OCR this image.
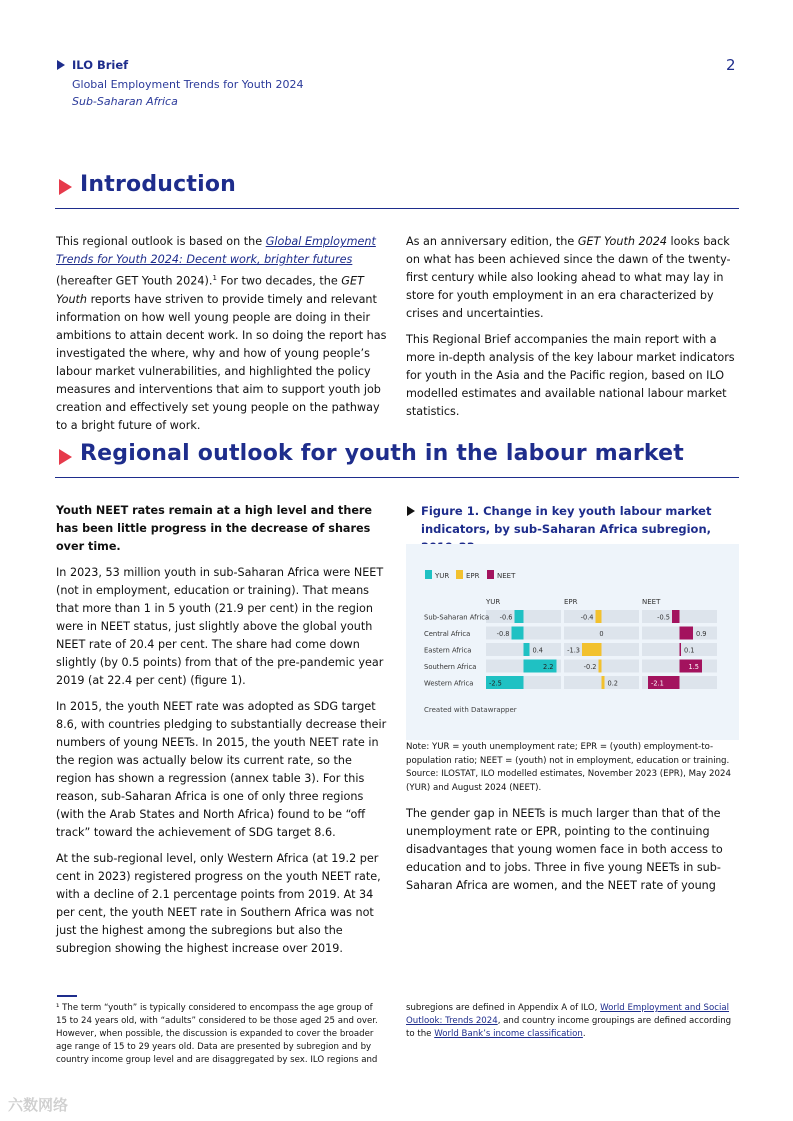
ILO Brief
Global Employment Trends for Youth 2024
Sub-Saharan Africa
2
Introduction

This regional outlook is based on the Global Employment Trends for Youth 2024: Decent work, brighter futures (hereafter GET Youth 2024).$^1$ For two decades, the GET Youth reports have striven to provide timely and relevant information on how well young people are doing in their ambitions to attain decent work. In so doing the report has investigated the where, why and how of young people’s labour market vulnerabilities, and highlighted the policy measures and interventions that aim to support youth job creation and effectively set young people on the pathway to a bright future of work.

As an anniversary edition, the GET Youth 2024 looks back on what has been achieved since the dawn of the twenty-first century while also looking ahead to what may lay in store for youth employment in an era characterized by crises and uncertainties.

This Regional Brief accompanies the main report with a more in-depth analysis of the key labour market indicators for youth in the Asia and the Pacific region, based on ILO modelled estimates and available national labour market statistics.

Regional outlook for youth in the labour market

Youth NEET rates remain at a high level and there has been little progress in the decrease of shares over time.

In 2023, 53 million youth in sub-Saharan Africa were NEET (not in employment, education or training). That means that more than 1 in 5 youth (21.9 per cent) in the region were in NEET status, just slightly above the global youth NEET rate of 20.4 per cent. The share had come down slightly (by 0.5 points) from that of the pre-pandemic year 2019 (at 22.4 per cent) (figure 1).

In 2015, the youth NEET rate was adopted as SDG target 8.6, with countries pledging to substantially decrease their numbers of young NEETs. In 2015, the youth NEET rate in the region was actually below its current rate, so the region has shown a regression (annex table 3). For this reason, sub-Saharan Africa is one of only three regions (with the Arab States and North Africa) found to be “off track” toward the achievement of SDG target 8.6.

At the sub-regional level, only Western Africa (at 19.2 per cent in 2023) registered progress on the youth NEET rate, with a decline of 2.1 percentage points from 2019. At 34 per cent, the youth NEET rate in Southern Africa was not just the highest among the subregions but also the subregion showing the highest increase over 2019.

Figure 1. Change in key youth labour market indicators, by sub-Saharan Africa subregion,
YUR EPR NEET
YUR
-0.6
Sub-Saharan Africa
-0.8
Central Africa
0.4
Eastern Africa
2.2
Southern Africa
-2.5
Western Africa
EPR
-0.4
0
-1.3
-0.2
0.2
NEET
-0.5
0.9
0.1
1.5
-2.1
Created with Datawrapper

Note: YUR = youth unemployment rate; EPR = (youth) employment-to-population ratio; NEET = (youth) not in employment, education or training. Source: ILOSTAT, ILO modelled estimates, November 2023 (EPR), May 2024 (YUR) and August 2024 (NEET).

The gender gap in NEETs is much larger than that of the unemployment rate or EPR, pointing to the continuing disadvantages that young women face in both access to education and to jobs. Three in five young NEETs in sub-Saharan Africa are women, and the NEET rate of young

¹ The term “youth” is typically considered to encompass the age group of 15 to 24 years old, with “adults” considered to be those aged 25 and over. However, when possible, the discussion is expanded to cover the broader age range of 15 to 29 years old. Data are presented by subregion and by country income group level and are disaggregated by sex. ILO regions and

subregions are defined in Appendix A of ILO, World Employment and Social Outlook: Trends 2024, and country income groupings are defined according to the World Bank’s income classification.

六数网络
